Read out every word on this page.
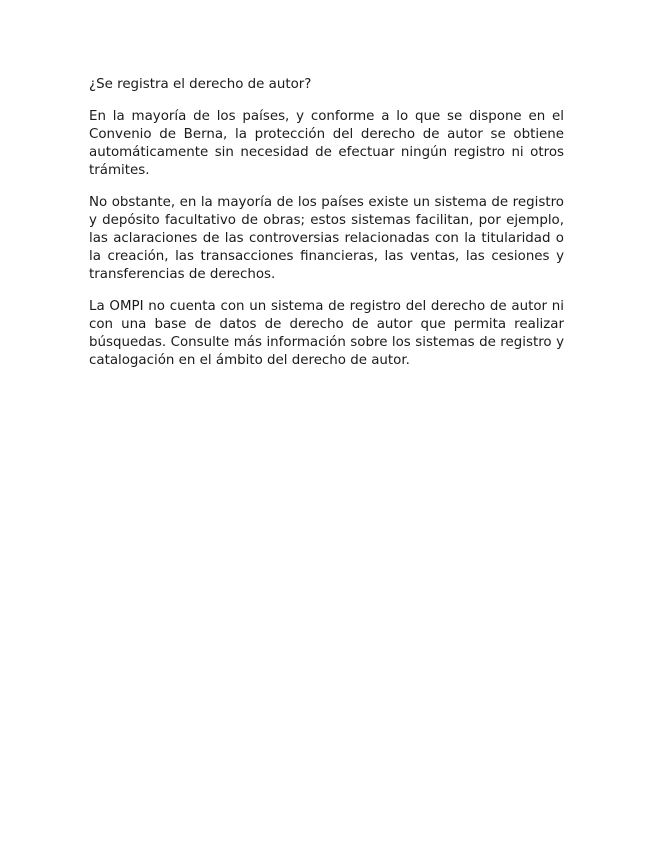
¿Se registra el derecho de autor?

En la mayoría de los países, y conforme a lo que se dispone en el Convenio de Berna, la protección del derecho de autor se obtiene automáticamente sin necesidad de efectuar ningún registro ni otros trámites.

No obstante, en la mayoría de los países existe un sistema de registro y depósito facultativo de obras; estos sistemas facilitan, por ejemplo, las aclaraciones de las controversias relacionadas con la titularidad o la creación, las transacciones financieras, las ventas, las cesiones y transferencias de derechos.

La OMPI no cuenta con un sistema de registro del derecho de autor ni con una base de datos de derecho de autor que permita realizar búsquedas. Consulte más información sobre los sistemas de registro y catalogación en el ámbito del derecho de autor.
